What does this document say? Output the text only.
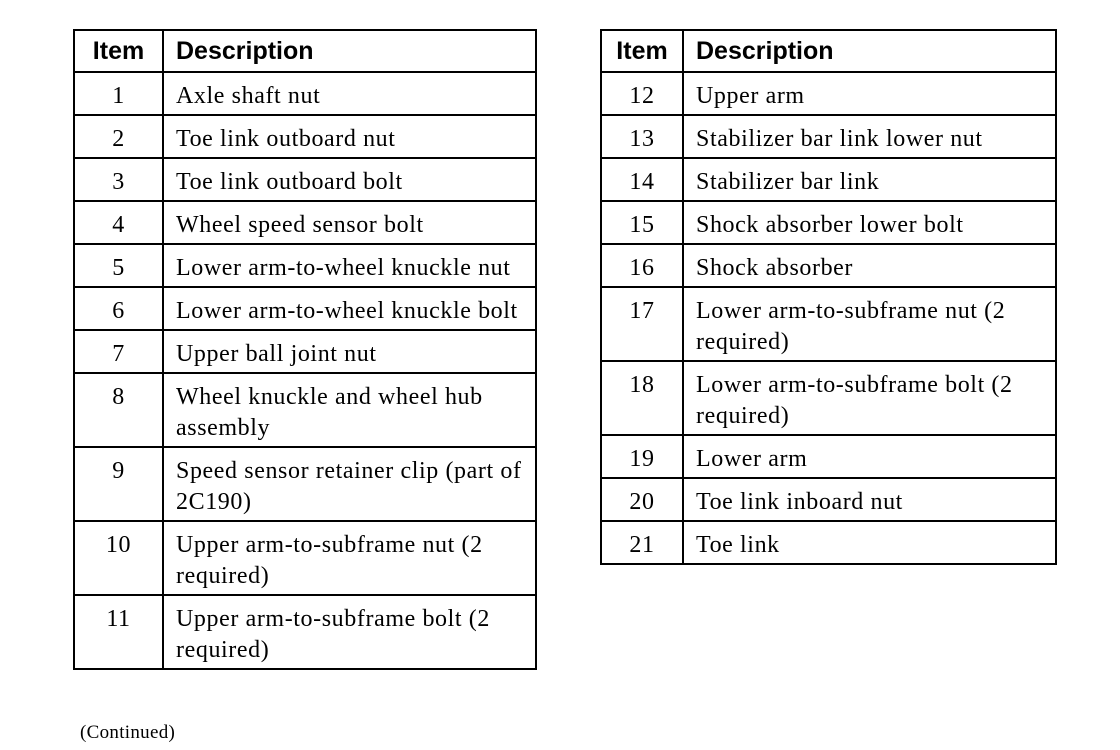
Item	Description
1	Axle shaft nut
2	Toe link outboard nut
3	Toe link outboard bolt
4	Wheel speed sensor bolt
5	Lower arm-to-wheel knuckle nut
6	Lower arm-to-wheel knuckle bolt
7	Upper ball joint nut
8	Wheel knuckle and wheel hub assembly
9	Speed sensor retainer clip (part of 2C190)
10	Upper arm-to-subframe nut (2 required)
11	Upper arm-to-subframe bolt (2 required)
Item	Description
12	Upper arm
13	Stabilizer bar link lower nut
14	Stabilizer bar link
15	Shock absorber lower bolt
16	Shock absorber
17	Lower arm-to-subframe nut (2 required)
18	Lower arm-to-subframe bolt (2 required)
19	Lower arm
20	Toe link inboard nut
21	Toe link
(Continued)
